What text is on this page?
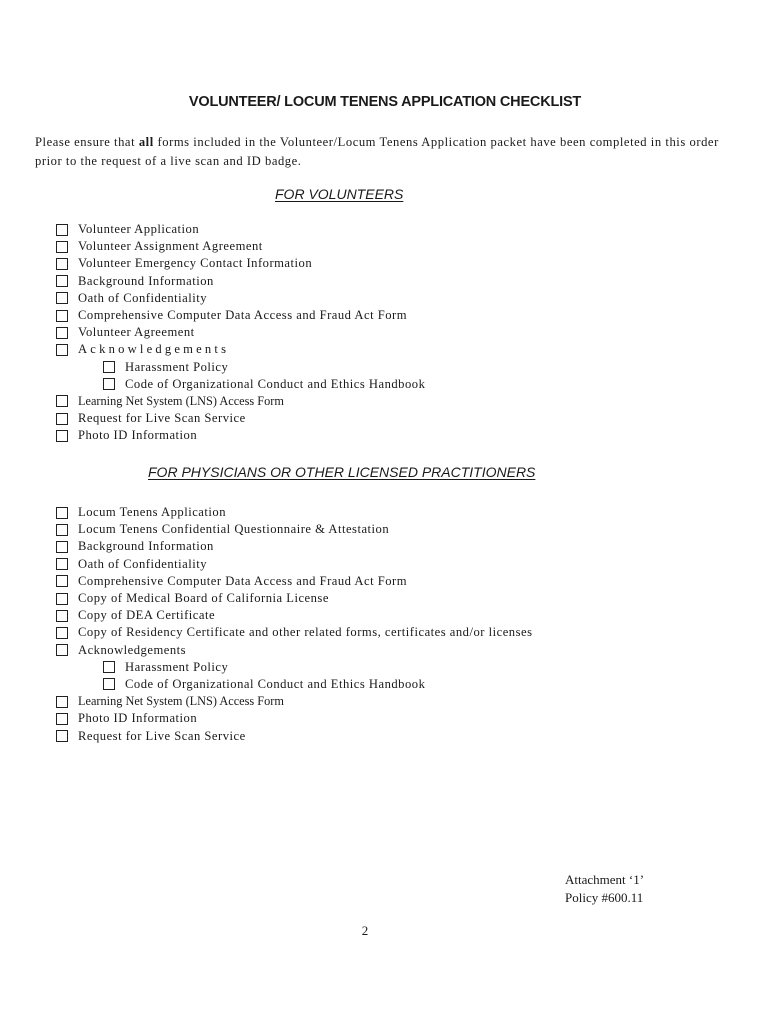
VOLUNTEER/ LOCUM TENENS APPLICATION CHECKLIST
Please ensure that all forms included in the Volunteer/Locum Tenens Application packet have been completed in this order prior to the request of a live scan and ID badge.
FOR VOLUNTEERS
Volunteer Application
Volunteer Assignment Agreement
Volunteer Emergency Contact Information
Background Information
Oath of Confidentiality
Comprehensive Computer Data Access and Fraud Act Form
Volunteer Agreement
Acknowledgements
Harassment Policy
Code of Organizational Conduct and Ethics Handbook
Learning Net System (LNS) Access Form
Request for Live Scan Service
Photo ID Information
FOR PHYSICIANS OR OTHER LICENSED PRACTITIONERS
Locum Tenens Application
Locum Tenens Confidential Questionnaire & Attestation
Background Information
Oath of Confidentiality
Comprehensive Computer Data Access and Fraud Act Form
Copy of Medical Board of California License
Copy of DEA Certificate
Copy of Residency Certificate and other related forms, certificates and/or licenses
Acknowledgements
Harassment Policy
Code of Organizational Conduct and Ethics Handbook
Learning Net System (LNS) Access Form
Photo ID Information
Request for Live Scan Service
Attachment ‘1’
Policy #600.11
2
